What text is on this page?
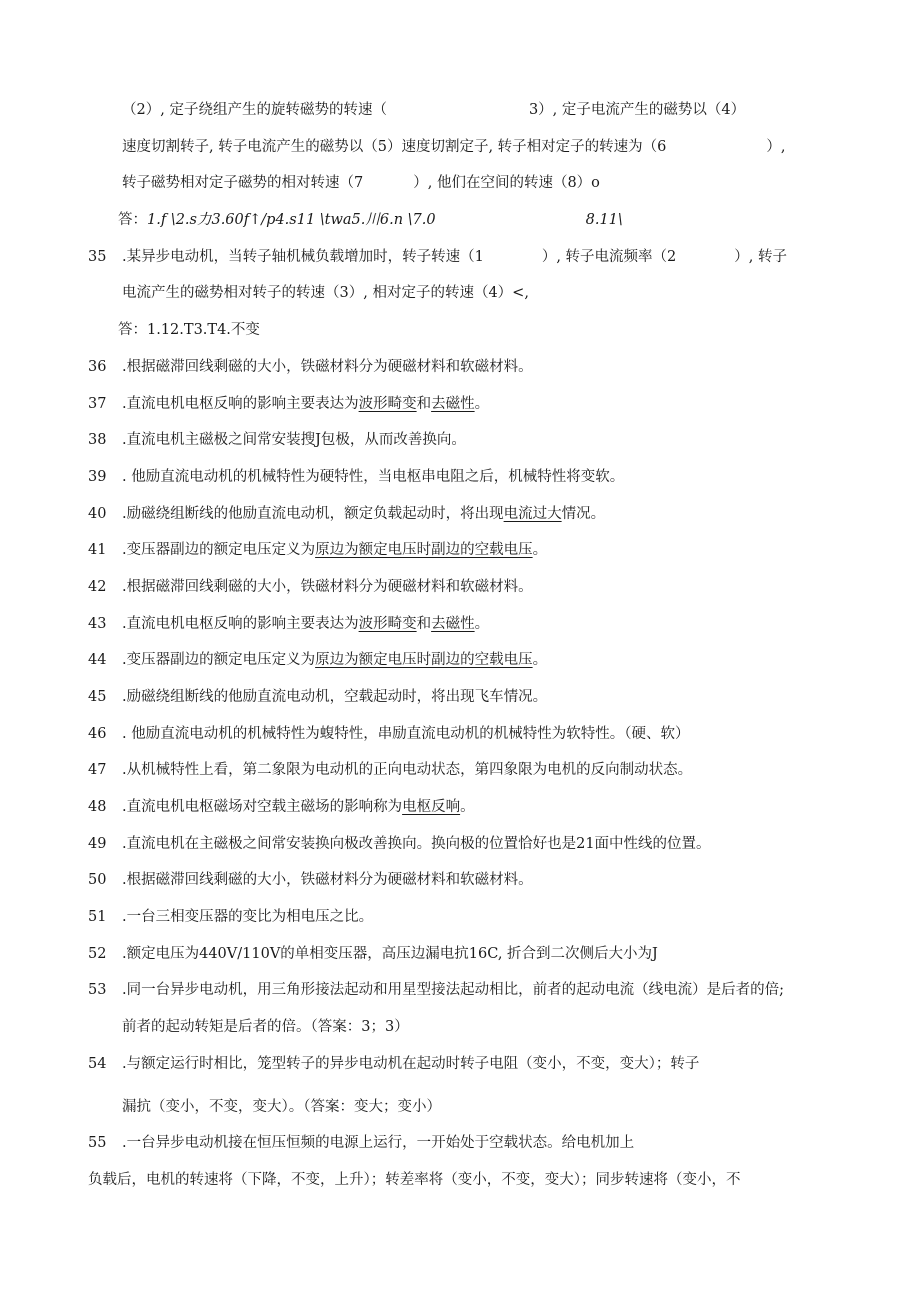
（2）, 定子绕组产生的旋转磁势的转速（	3）, 定子电流产生的磁势以（4）
速度切割转子, 转子电流产生的磁势以（5）速度切割定子, 转子相对定子的转速为（6	）,
转子磁势相对定子磁势的相对转速（7	）, 他们在空间的转速（8）o
答：1.f \2.s力3.60f↑/p4.s11 \twa5.川6.n \7.0	8.11\
35	.某异步电动机，当转子轴机械负载增加时，转子转速（1	）, 转子电流频率（2	）, 转子
电流产生的磁势相对转子的转速（3）, 相对定子的转速（4）<,
答：1.12.T3.T4.不变
36	.根据磁滞回线剩磁的大小，铁磁材料分为硬磁材料和软磁材料。
37	.直流电机电枢反响的影响主要表达为波形畸变和去磁性。
38	.直流电机主磁极之间常安装搜J包极，从而改善换向。
39	. 他励直流电动机的机械特性为硬特性，当电枢串电阻之后，机械特性将变软。
40	.励磁绕组断线的他励直流电动机，额定负载起动时，将出现电流过大情况。
41	.变压器副边的额定电压定义为原边为额定电压时副边的空载电压。
42	.根据磁滞回线剩磁的大小，铁磁材料分为硬磁材料和软磁材料。
43	.直流电机电枢反响的影响主要表达为波形畸变和去磁性。
44	.变压器副边的额定电压定义为原边为额定电压时副边的空载电压。
45	.励磁绕组断线的他励直流电动机，空载起动时，将出现飞车情况。
46	. 他励直流电动机的机械特性为蝮特性，串励直流电动机的机械特性为软特性。（硬、软）
47	.从机械特性上看，第二象限为电动机的正向电动状态，第四象限为电机的反向制动状态。
48	.直流电机电枢磁场对空载主磁场的影响称为电枢反响。
49	.直流电机在主磁极之间常安装换向极改善换向。换向极的位置恰好也是21面中性线的位置。
50	.根据磁滞回线剩磁的大小，铁磁材料分为硬磁材料和软磁材料。
51	.一台三相变压器的变比为相电压之比。
52	.额定电压为440V/110V的单相变压器，高压边漏电抗16C, 折合到二次侧后大小为J
53	.同一台异步电动机，用三角形接法起动和用星型接法起动相比，前者的起动电流（线电流）是后者的倍;
前者的起动转矩是后者的倍。（答案：3；3）
54	.与额定运行时相比，笼型转子的异步电动机在起动时转子电阻（变小，不变，变大）；转子
漏抗（变小，不变，变大）。（答案：变大；变小）
55	.一台异步电动机接在恒压恒频的电源上运行，一开始处于空载状态。给电机加上
负载后，电机的转速将（下降，不变，上升）；转差率将（变小，不变，变大）；同步转速将（变小，不
